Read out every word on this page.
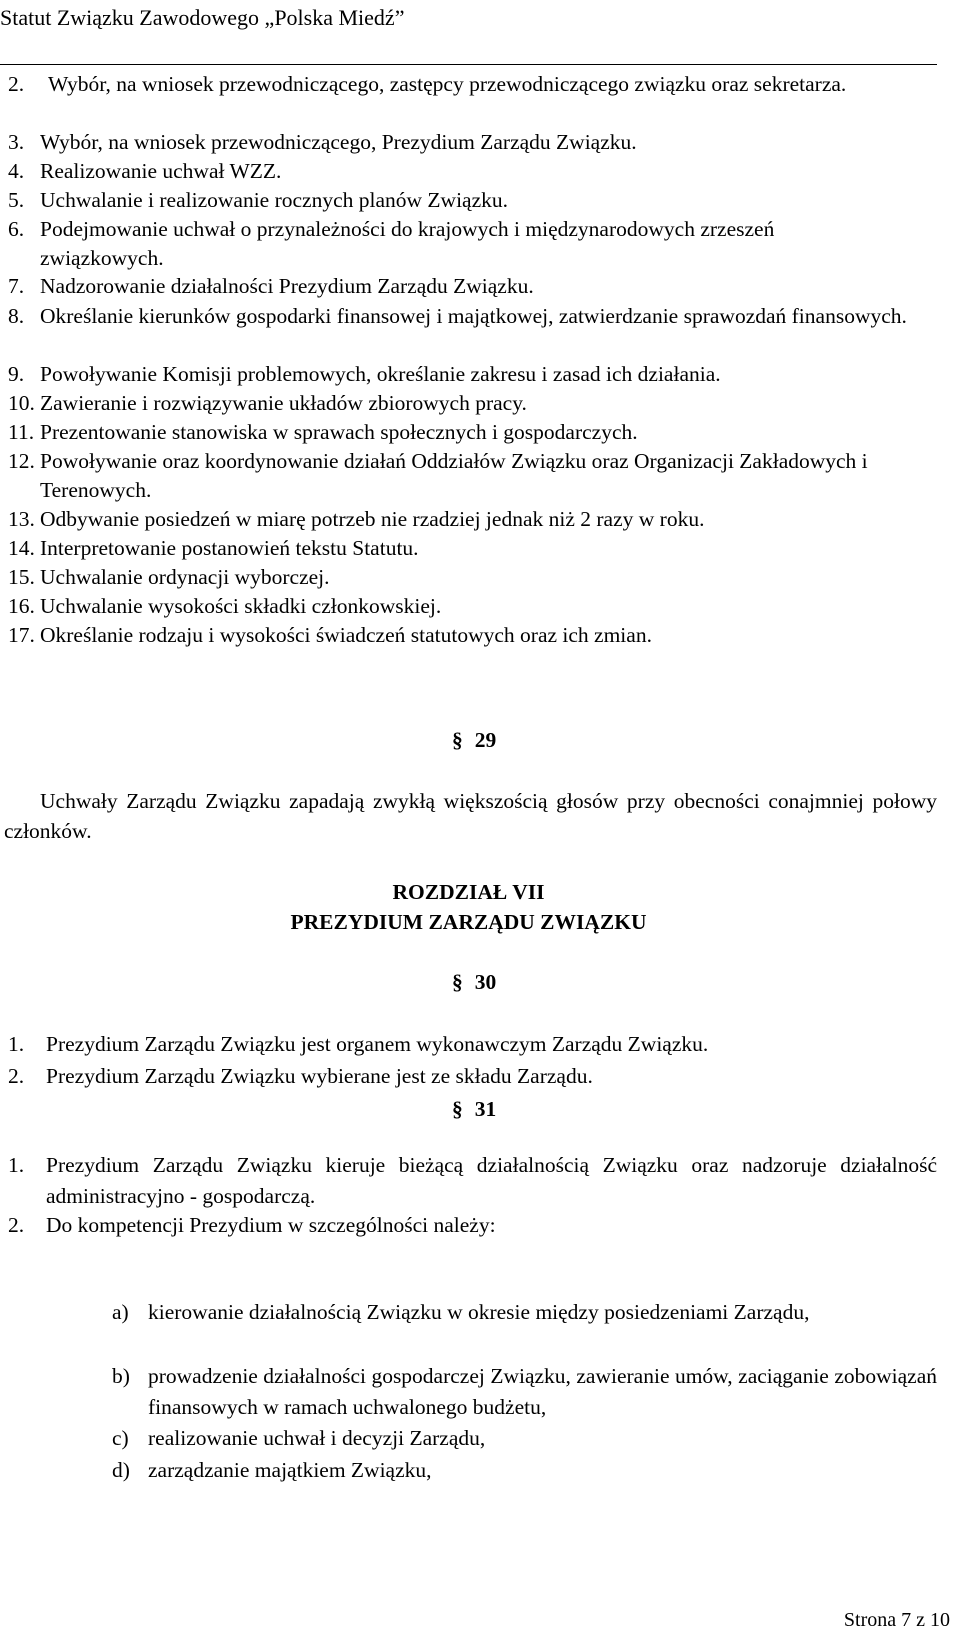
Statut Związku Zawodowego „Polska Miedź”
2.	Wybór, na wniosek przewodniczącego, zastępcy przewodniczącego związku oraz sekretarza.
3. Wybór, na wniosek przewodniczącego, Prezydium Zarządu Związku.
4. Realizowanie uchwał WZZ.
5. Uchwalanie i realizowanie rocznych planów Związku.
6. Podejmowanie uchwał o przynależności do krajowych i międzynarodowych zrzeszeń związkowych.
7. Nadzorowanie działalności Prezydium Zarządu Związku.
8. Określanie kierunków gospodarki finansowej i majątkowej, zatwierdzanie sprawozdań finansowych.
9. Powoływanie Komisji problemowych, określanie zakresu i zasad ich działania.
10. Zawieranie i rozwiązywanie układów zbiorowych pracy.
11. Prezentowanie stanowiska w sprawach społecznych i gospodarczych.
12. Powoływanie oraz koordynowanie działań Oddziałów Związku oraz Organizacji Zakładowych i Terenowych.
13. Odbywanie posiedzeń w miarę potrzeb nie rzadziej jednak niż 2 razy w roku.
14. Interpretowanie postanowień tekstu Statutu.
15. Uchwalanie ordynacji wyborczej.
16. Uchwalanie wysokości składki członkowskiej.
17. Określanie rodzaju i wysokości świadczeń statutowych oraz ich zmian.
§ 29
Uchwały Zarządu Związku zapadają zwykłą większością głosów przy obecności conajmniej połowy członków.
ROZDZIAŁ VII
PREZYDIUM ZARZĄDU ZWIĄZKU
§ 30
1.	Prezydium Zarządu Związku jest organem wykonawczym Zarządu Związku.
2.	Prezydium Zarządu Związku wybierane jest ze składu Zarządu.
§ 31
1.	Prezydium Zarządu Związku kieruje bieżącą działalnością Związku oraz nadzoruje działalność administracyjno - gospodarczą.
2.	Do kompetencji Prezydium w szczególności należy:
a) kierowanie działalnością Związku w okresie między posiedzeniami Zarządu,
b) prowadzenie działalności gospodarczej Związku, zawieranie umów, zaciąganie zobowiązań finansowych w ramach uchwalonego budżetu,
c) realizowanie uchwał i decyzji Zarządu,
d) zarządzanie majątkiem Związku,
Strona 7 z 10
